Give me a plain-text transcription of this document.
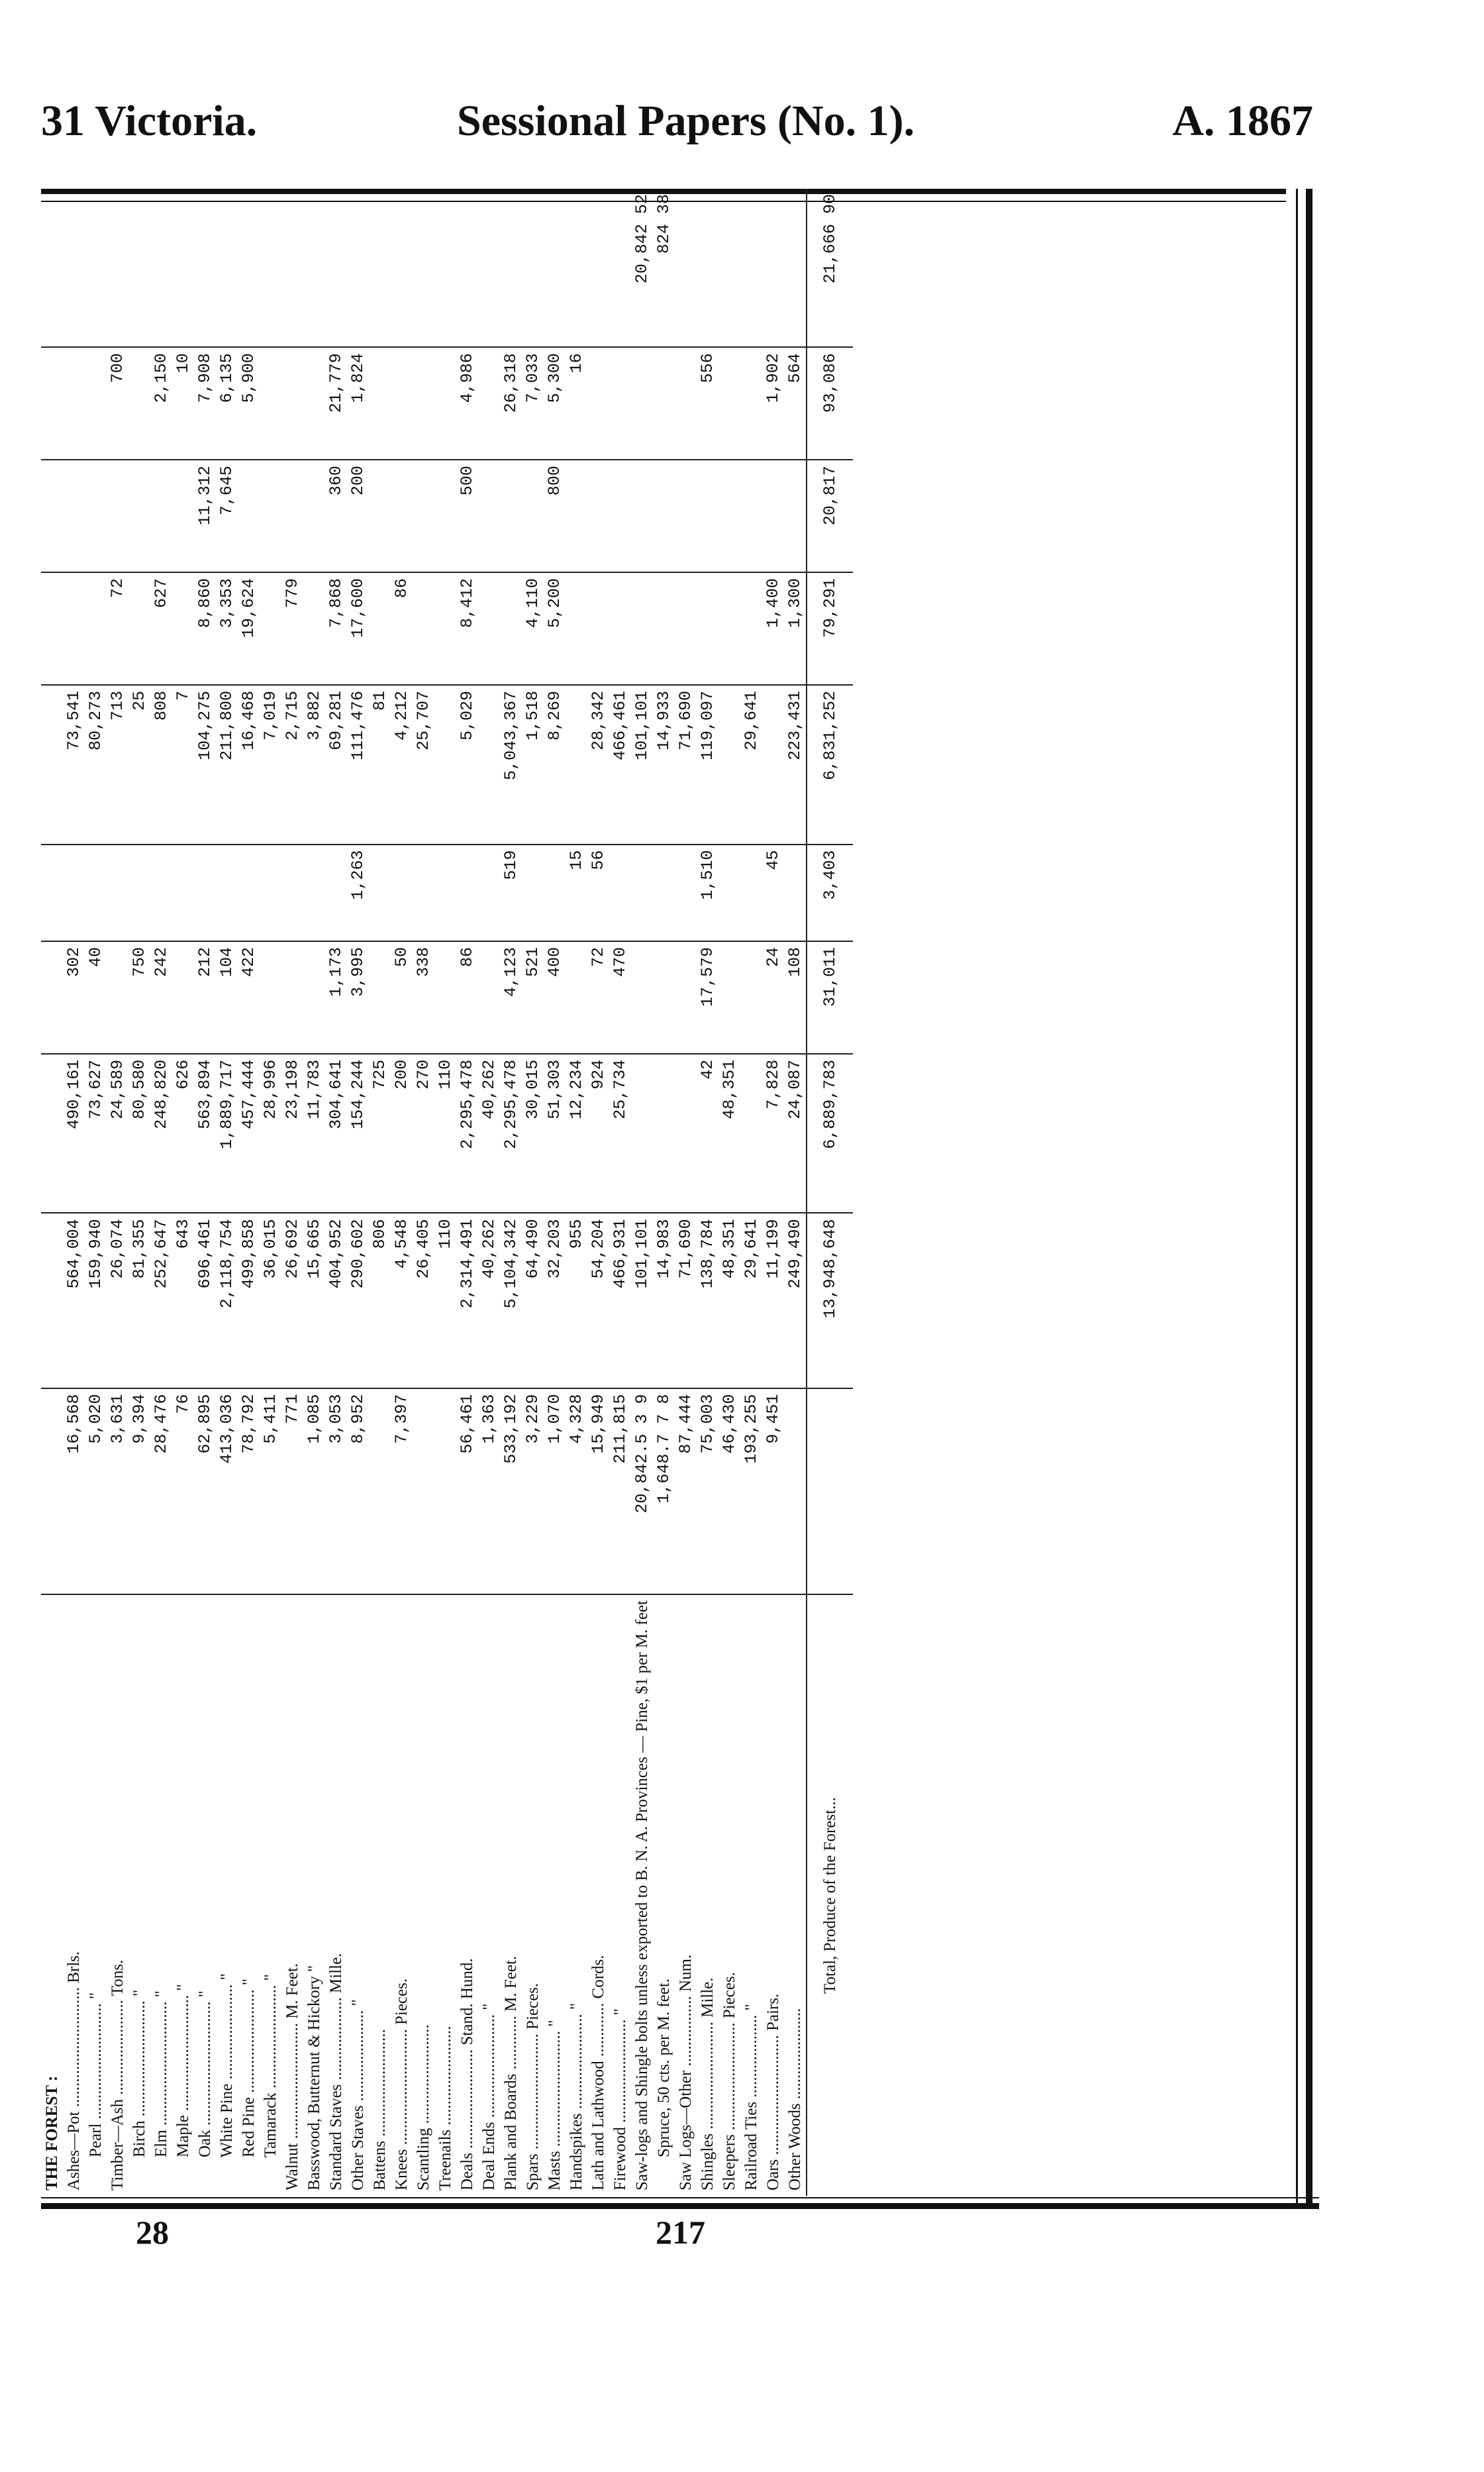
31 Victoria.	Sessional Papers (No. 1).	A. 1867
THE FOREST :										
Ashes—Pot ............................. Brls.	16,568	564,004	490,161	302		73,541				
Pearl ............................ "	5,020	159,940	73,627	40		80,273				
Timber—Ash ....................... Tons.	3,631	26,074	24,589			713	72		700	
Birch ............................ "	9,394	81,355	80,580	750		25				
Elm .............................. "	28,476	252,647	248,820	242		808	627		2,150	
Maple ............................ "	76	643	626			7			10	
Oak .............................. "	62,895	696,461	563,894	212		104,275	8,860	11,312	7,908	
White Pine ....................... "	413,036	2,118,754	1,889,717	104		211,800	3,353	7,645	6,135	
Red Pine ......................... "	78,792	499,858	457,444	422		16,468	19,624		5,900	
Tamarack ......................... "	5,411	36,015	28,996			7,019				
Walnut ............................ M. Feet.	771	26,692	23,198			2,715	779			
Basswood, Butternut & Hickory "	1,085	15,665	11,783			3,882				
Standard Staves .................... Mille.	3,053	404,952	304,641	1,173		69,281	7,868	360	21,779	
Other Staves ...................... "	8,952	290,602	154,244	3,995	1,263	111,476	17,600	200	1,824	
Battens ..........................		806	725			81				
Knees ............................ Pieces.	7,397	4,548	200	50		4,212	86			
Scantling ........................		26,405	270	338		25,707				
Treenails ........................		110	110							
Deals ........................ Stand. Hund.	56,461	2,314,491	2,295,478	86		5,029	8,412	500	4,986	
Deal Ends ......................... "	1,363	40,262	40,262							
Plank and Boards ............. M. Feet.	533,192	5,104,342	2,295,478	4,123	519	5,043,367			26,318	
Spars ............................ Pieces.	3,229	64,490	30,015	521		1,518	4,110		7,033	
Masts ............................ "	1,070	32,203	51,303	400		8,269	5,200	800	5,300	
Handspikes ....................... "	4,328	955	12,234		15				16	
Lath and Lathwood ............. Cords.	15,949	54,204	924	72	56	28,342				
Firewood ......................... "	211,815	466,931	25,734	470		466,461				
Saw-logs and Shingle bolts unless exported to B. N. A. Provinces — Pine, $1 per M. feet	20,842.5 3 9	101,101				101,101				20,842 52
Spruce, 50 cts. per M. feet.	1,648.7 7 8	14,983				14,933				824 38
Saw Logs—Other ................. Num.	87,444	71,690				71,690				
Shingles .......................... Mille.	75,003	138,784	42	17,579	1,510	119,097			556	
Sleepers .......................... Pieces.	46,430	48,351	48,351							
Railroad Ties .................... "	193,255	29,641				29,641				
Oars ............................. Pairs.	9,451	11,199	7,828	24	45		1,400		1,902	
Other Woods ......................		249,490	24,087	108		223,431	1,300		564	
Total, Produce of the Forest...		13,948,648	6,889,783	31,011	3,403	6,831,252	79,291	20,817	93,086	21,666 90
28	217
